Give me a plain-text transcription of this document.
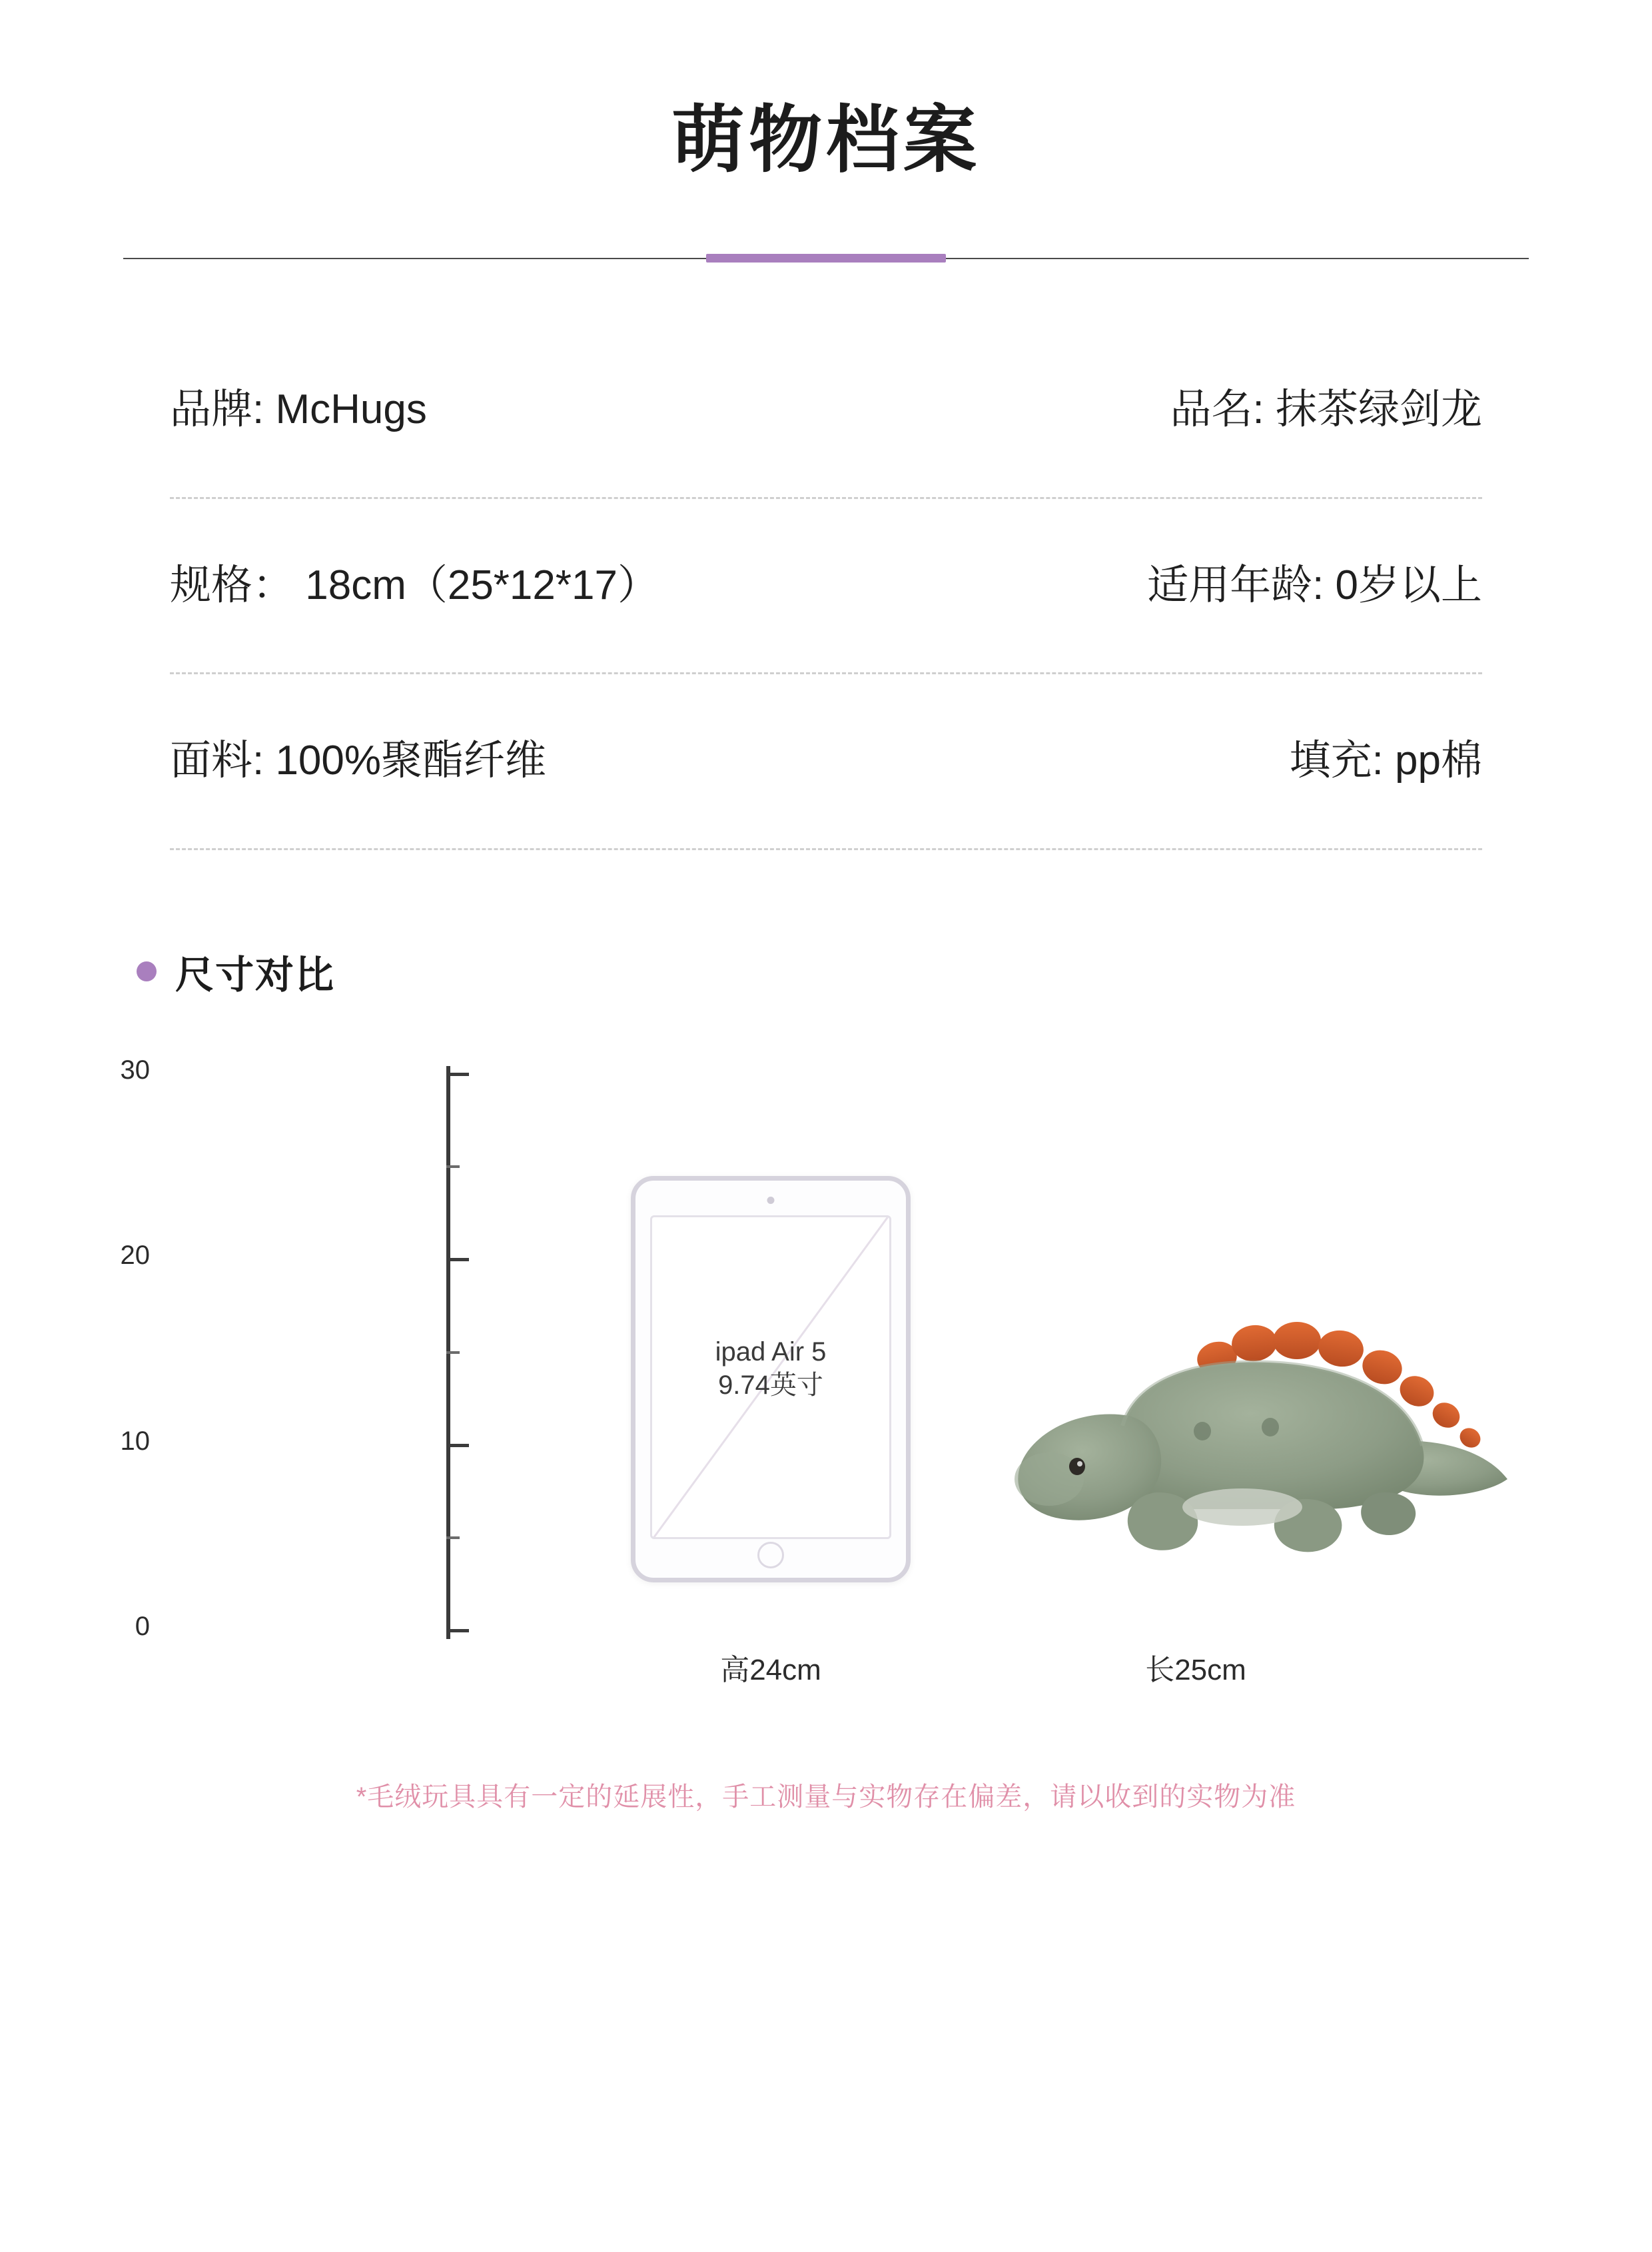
萌物档案
品牌: McHugs	品名: 抹茶绿剑龙
规格： 18cm（25*12*17）	适用年龄: 0岁以上
面料: 100%聚酯纤维	填充: pp棉
尺寸对比
30
20
10
0
ipad Air 5
9.74英寸
高24cm	长25cm
*毛绒玩具具有一定的延展性，手工测量与实物存在偏差，请以收到的实物为准
